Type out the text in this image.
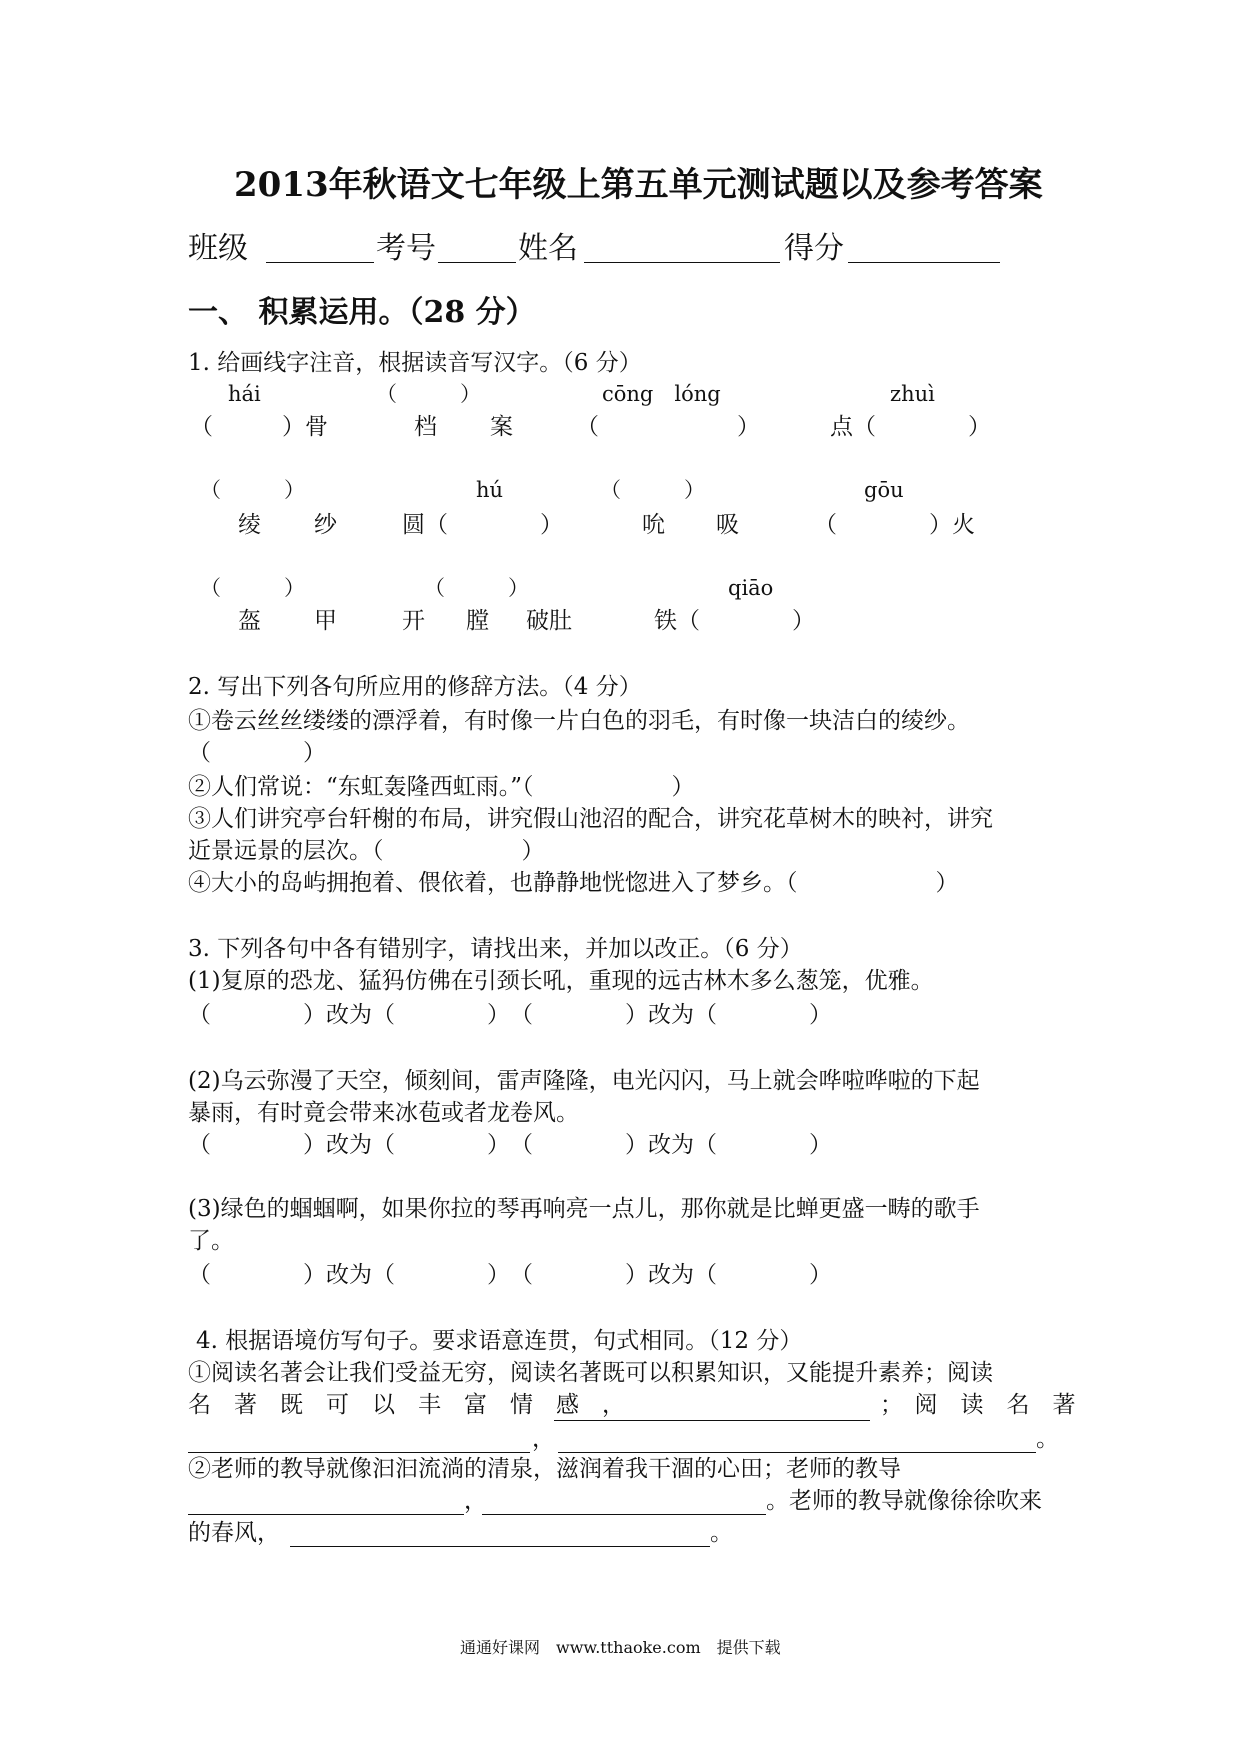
2013年秋语文七年级上第五单元测试题以及参考答案
班级	考号	姓名	得分
一、 积累运用。（28 分）
1. 给画线字注音，根据读音写汉字。（6 分）
hái	（　　　）	cōng　lóng	zhuì
（　　　）骨	档 案	（　　　　　　）	点（　　　　）
（　　　）	hú	（　　　）	gōu
绫 纱	圆（　　　　）	吮 吸	（　　　　）火
（　　　）	（　　　）	qiāo
盔 甲	开 膛 破肚	铁（　　　　）
2. 写出下列各句所应用的修辞方法。（4 分）
①卷云丝丝缕缕的漂浮着，有时像一片白色的羽毛，有时像一块洁白的绫纱。
（　　　　）
②人们常说：“东虹轰隆西虹雨。”（　　　　　　）
③人们讲究亭台轩榭的布局，讲究假山池沼的配合，讲究花草树木的映衬，讲究
近景远景的层次。（　　　　　　）
④大小的岛屿拥抱着、偎依着，也静静地恍惚进入了梦乡。（　　　　　　）
3. 下列各句中各有错别字，请找出来，并加以改正。（6 分）
(1)复原的恐龙、猛犸仿佛在引颈长吼，重现的远古林木多么葱笼，优雅。
（　　　　）改为（　　　　）　（　　　　）改为（　　　　）
(2)乌云弥漫了天空，倾刻间，雷声隆隆，电光闪闪，马上就会哗啦哗啦的下起
暴雨，有时竟会带来冰苞或者龙卷风。
（　　　　）改为（　　　　）　（　　　　）改为（　　　　）
(3)绿色的蝈蝈啊，如果你拉的琴再响亮一点儿，那你就是比蝉更盛一畴的歌手
了。
（　　　　）改为（　　　　）　（　　　　）改为（　　　　）
4. 根据语境仿写句子。要求语意连贯，句式相同。（12 分）
①阅读名著会让我们受益无穷，阅读名著既可以积累知识，又能提升素养；阅读
名　著　既　可　以　丰　富　情　感　，	；　阅　读　名　著
，	。
②老师的教导就像汩汩流淌的清泉，滋润着我干涸的心田；老师的教导
，	。老师的教导就像徐徐吹来
的春风，	。
通通好课网　www.tthaoke.com　提供下载
